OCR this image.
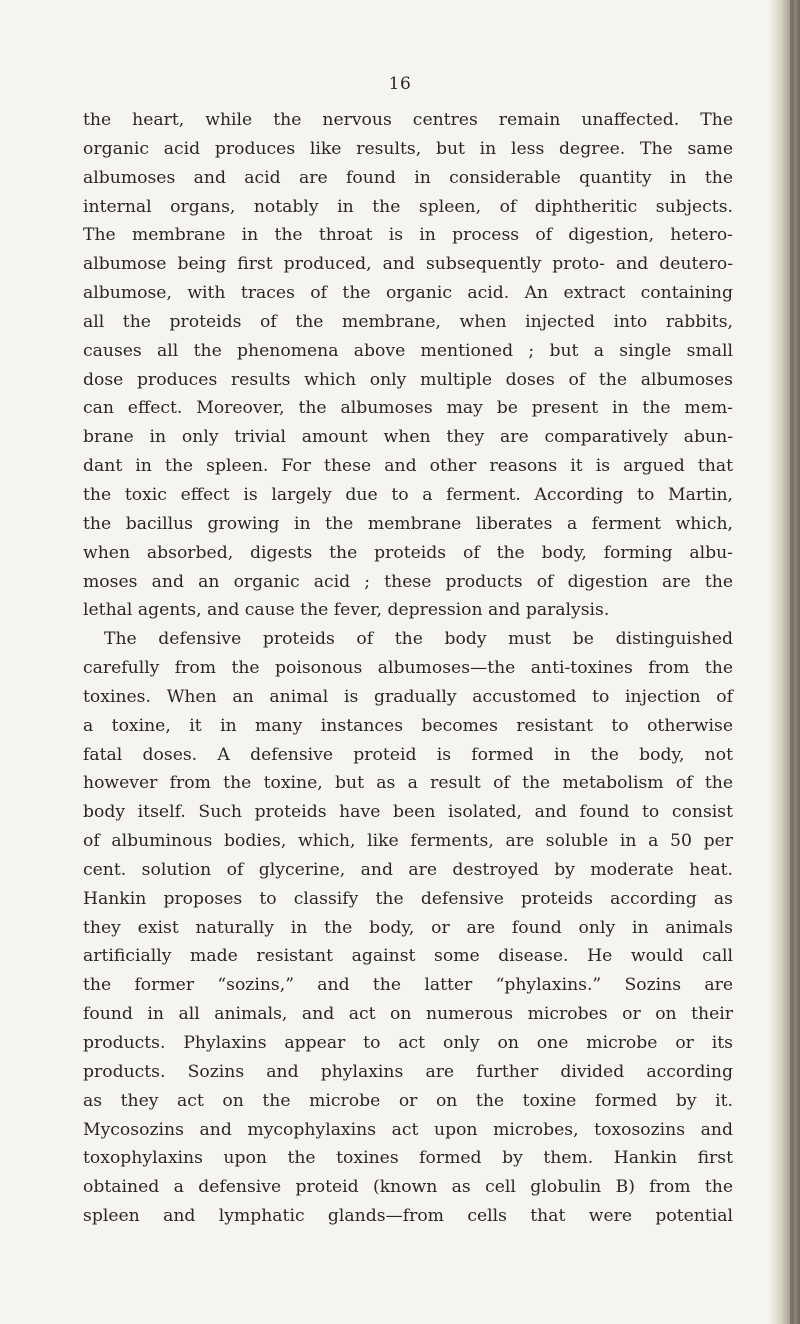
16
the heart, while the nervous centres remain unaffected. The
organic acid produces like results, but in less degree. The same
albumoses and acid are found in considerable quantity in the
internal organs, notably in the spleen, of diphtheritic subjects.
The membrane in the throat is in process of digestion, hetero-
albumose being first produced, and subsequently proto- and deutero-
albumose, with traces of the organic acid. An extract containing
all the proteids of the membrane, when injected into rabbits,
causes all the phenomena above mentioned ; but a single small
dose produces results which only multiple doses of the albumoses
can effect. Moreover, the albumoses may be present in the mem-
brane in only trivial amount when they are comparatively abun-
dant in the spleen. For these and other reasons it is argued that
the toxic effect is largely due to a ferment. According to Martin,
the bacillus growing in the membrane liberates a ferment which,
when absorbed, digests the proteids of the body, forming albu-
moses and an organic acid ; these products of digestion are the
lethal agents, and cause the fever, depression and paralysis.
The defensive proteids of the body must be distinguished
carefully from the poisonous albumoses—the anti-toxines from the
toxines. When an animal is gradually accustomed to injection of
a toxine, it in many instances becomes resistant to otherwise
fatal doses. A defensive proteid is formed in the body, not
however from the toxine, but as a result of the metabolism of the
body itself. Such proteids have been isolated, and found to consist
of albuminous bodies, which, like ferments, are soluble in a 50 per
cent. solution of glycerine, and are destroyed by moderate heat.
Hankin proposes to classify the defensive proteids according as
they exist naturally in the body, or are found only in animals
artificially made resistant against some disease. He would call
the former “sozins,” and the latter “phylaxins.” Sozins are
found in all animals, and act on numerous microbes or on their
products. Phylaxins appear to act only on one microbe or its
products. Sozins and phylaxins are further divided according
as they act on the microbe or on the toxine formed by it.
Mycosozins and mycophylaxins act upon microbes, toxosozins and
toxophylaxins upon the toxines formed by them. Hankin first
obtained a defensive proteid (known as cell globulin B) from the
spleen and lymphatic glands—from cells that were potential
